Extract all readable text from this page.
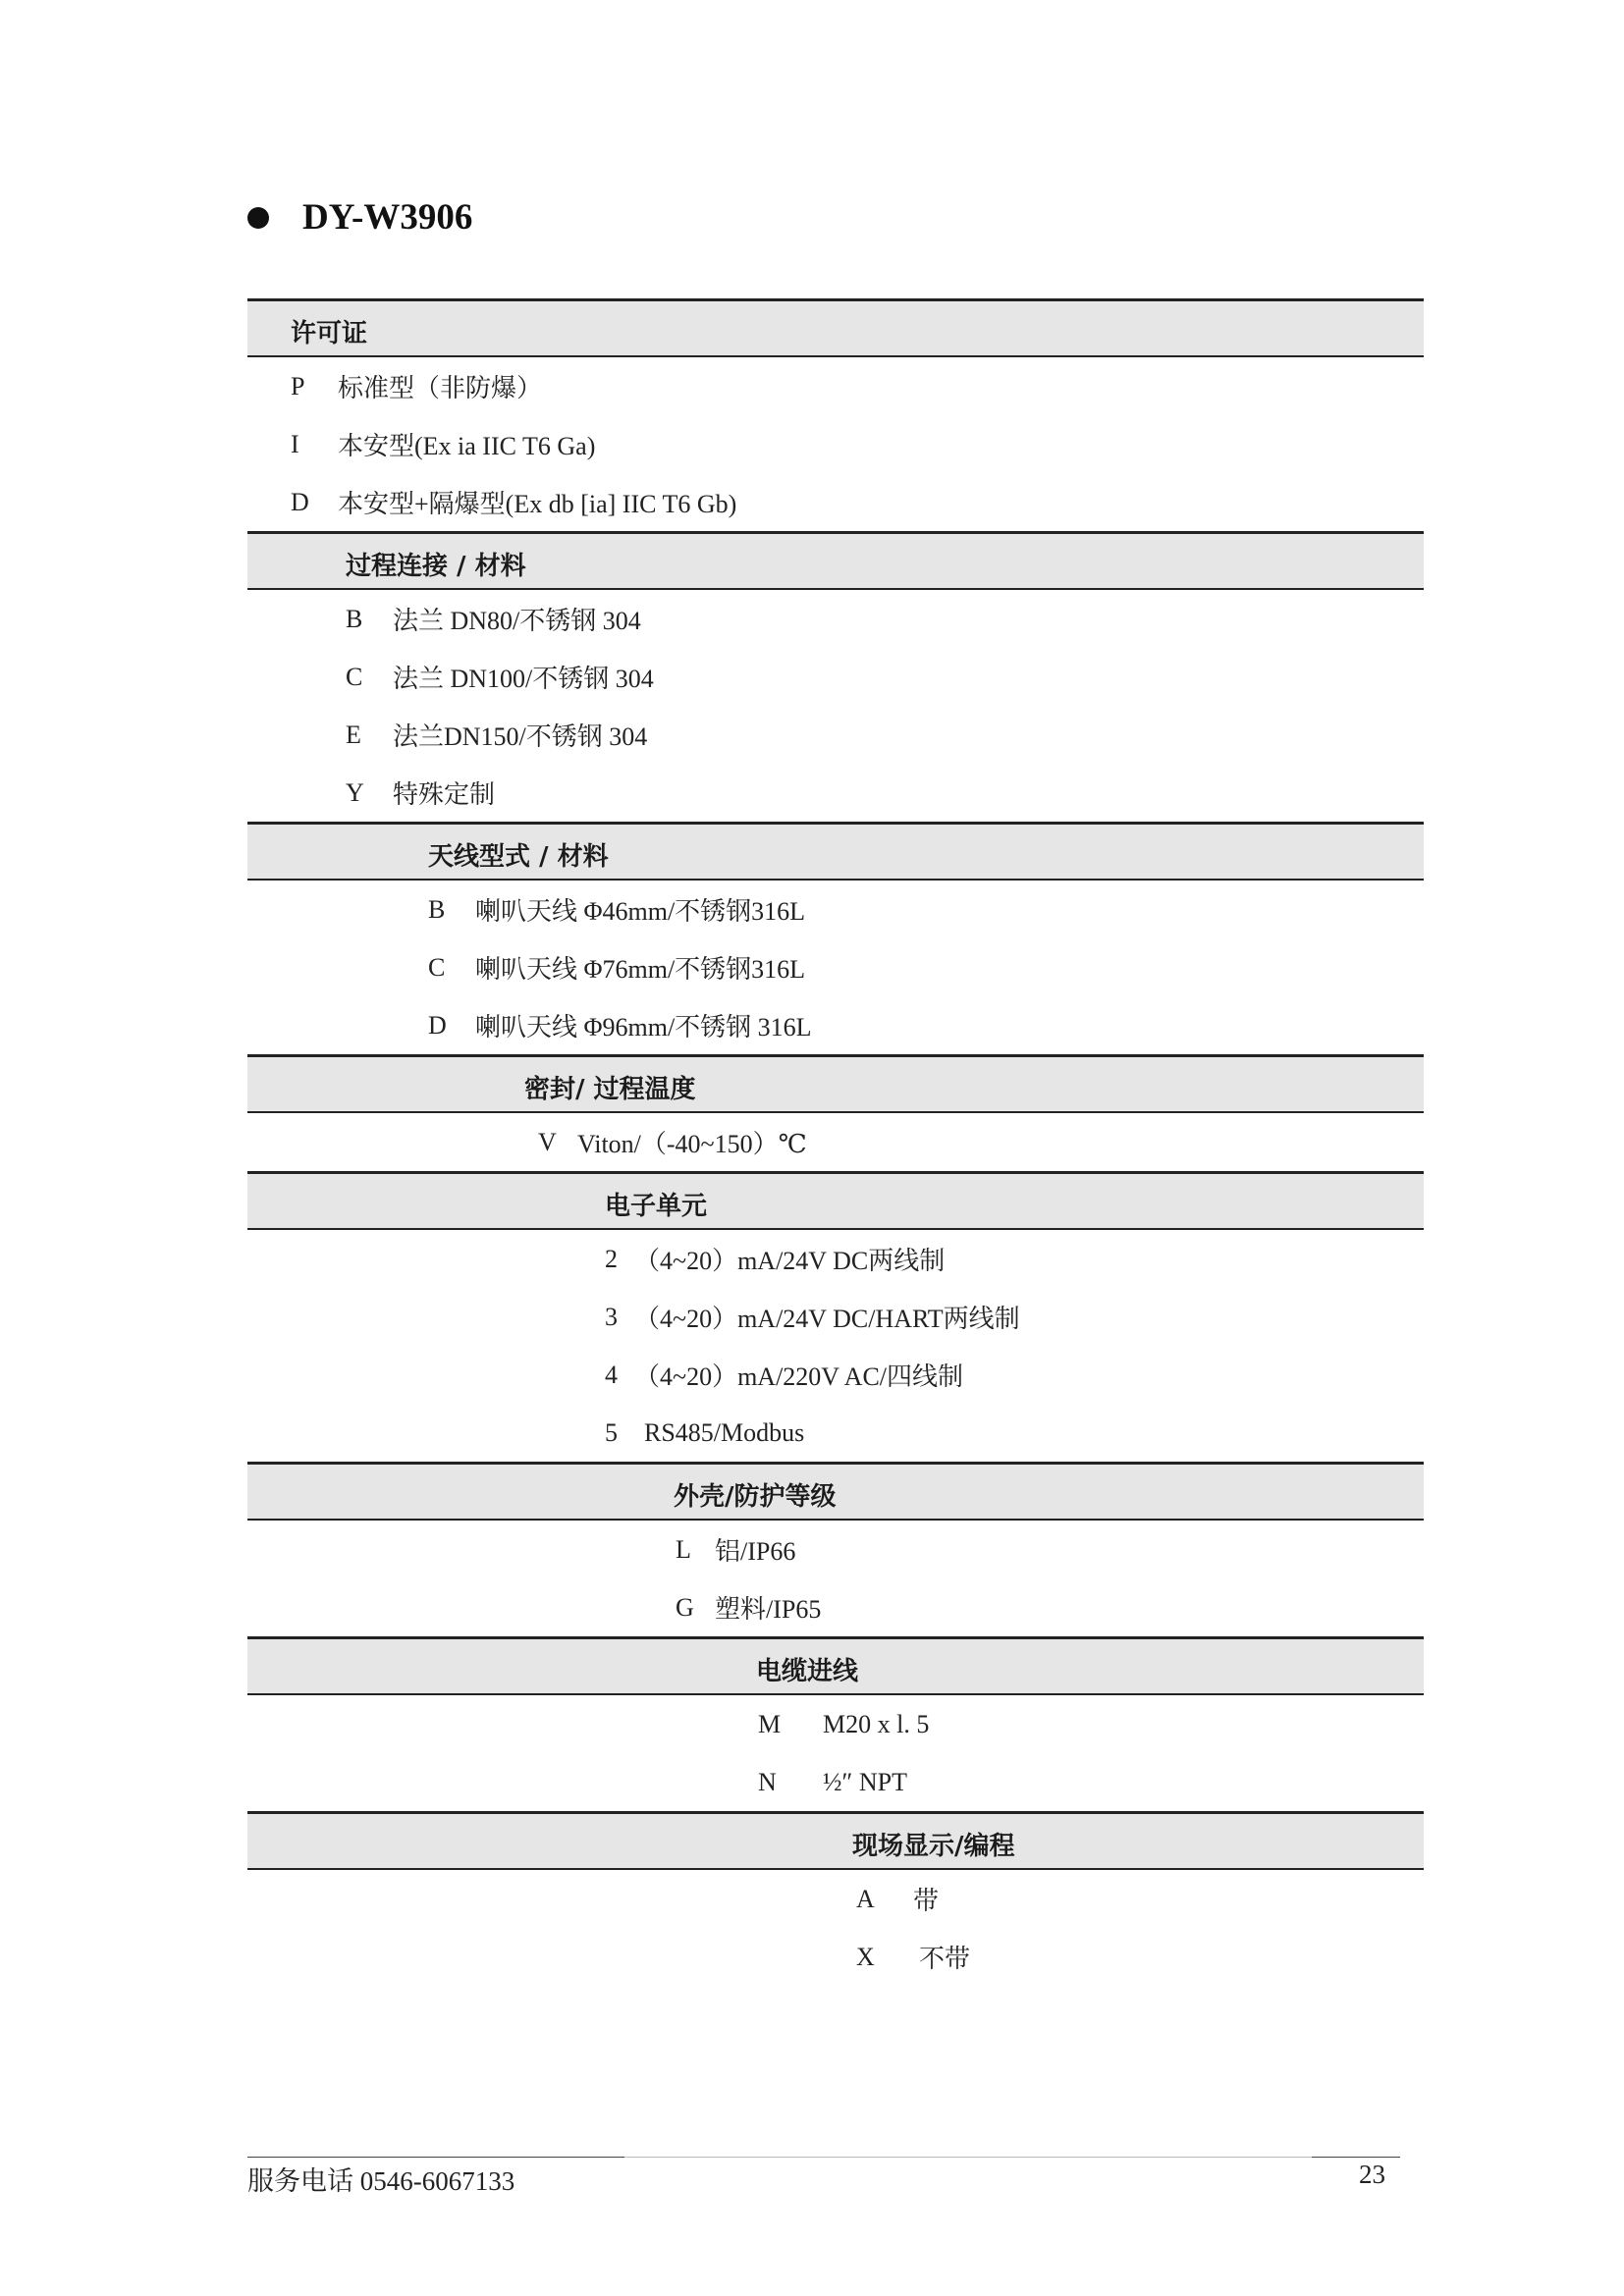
DY-W3906
许可证
P	标准型（非防爆）
I	本安型(Ex ia IIC T6 Ga)
D	本安型+隔爆型(Ex db [ia] IIC T6 Gb)
过程连接 / 材料
B	法兰 DN80/不锈钢 304
C	法兰 DN100/不锈钢 304
E	法兰DN150/不锈钢 304
Y	特殊定制
天线型式 / 材料
B	喇叭天线 Φ46mm/不锈钢316L
C	喇叭天线 Φ76mm/不锈钢316L
D	喇叭天线 Φ96mm/不锈钢 316L
密封/ 过程温度
V Viton/（-40~150）℃
电子单元
2 （4~20）mA/24V DC两线制
3 （4~20）mA/24V DC/HART两线制
4 （4~20）mA/220V AC/四线制
5	RS485/Modbus
外壳/防护等级
L 铝/IP66
G 塑料/IP65
电缆进线
M	M20 x l. 5
N	½″ NPT
现场显示/编程
A	带
X	不带
服务电话 0546-6067133	23
